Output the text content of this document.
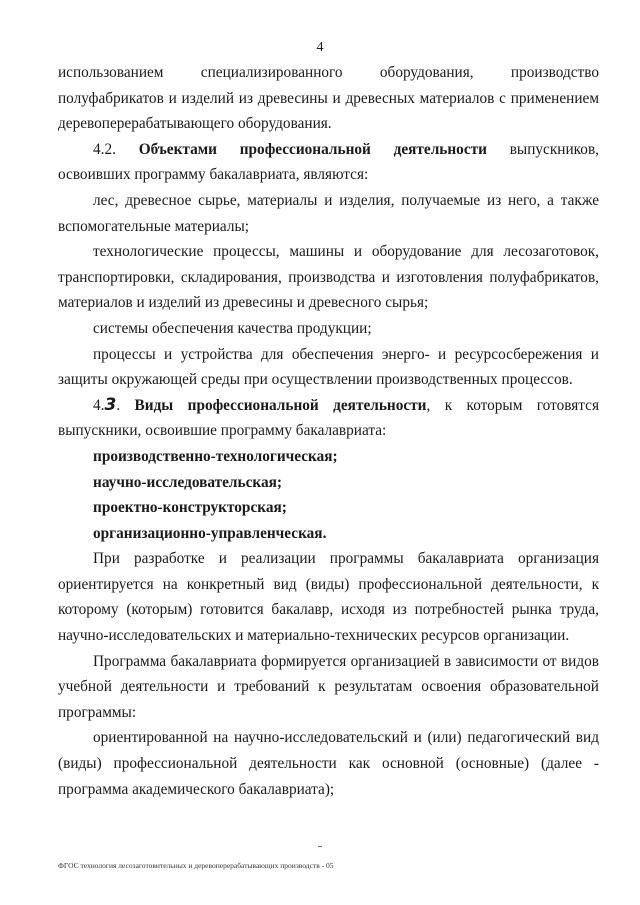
4

использованием специализированного оборудования, производство полуфабрикатов и изделий из древесины и древесных материалов с применением деревоперерабатывающего оборудования.

4.2. Объектами профессиональной деятельности выпускников, освоивших программу бакалавриата, являются:

лес, древесное сырье, материалы и изделия, получаемые из него, а также вспомогательные материалы;

технологические процессы, машины и оборудование для лесозаготовок, транспортировки, складирования, производства и изготовления полуфабрикатов, материалов и изделий из древесины и древесного сырья;

системы обеспечения качества продукции;

процессы и устройства для обеспечения энерго- и ресурсосбережения и защиты окружающей среды при осуществлении производственных процессов.

4.3. Виды профессиональной деятельности, к которым готовятся выпускники, освоившие программу бакалавриата:

производственно-технологическая;

научно-исследовательская;

проектно-конструкторская;

организационно-управленческая.

При разработке и реализации программы бакалавриата организация ориентируется на конкретный вид (виды) профессиональной деятельности, к которому (которым) готовится бакалавр, исходя из потребностей рынка труда, научно-исследовательских и материально-технических ресурсов организации.

Программа бакалавриата формируется организацией в зависимости от видов учебной деятельности и требований к результатам освоения образовательной программы:

ориентированной на научно-исследовательский и (или) педагогический вид (виды) профессиональной деятельности как основной (основные) (далее - программа академического бакалавриата);

ФГОС технология лесозаготовительных и деревоперерабатывающих производств - 05
